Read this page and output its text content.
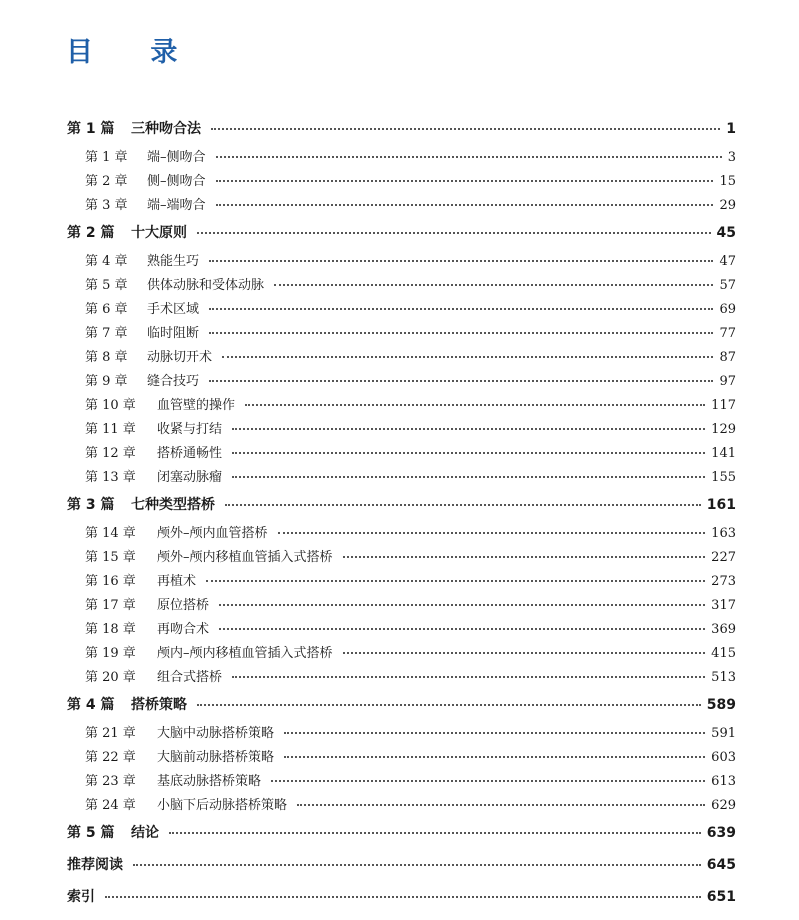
目 录
第 1 篇	三种吻合法	1
第 1 章	端–侧吻合	3
第 2 章	侧–侧吻合	15
第 3 章	端–端吻合	29
第 2 篇	十大原则	45
第 4 章	熟能生巧	47
第 5 章	供体动脉和受体动脉	57
第 6 章	手术区域	69
第 7 章	临时阻断	77
第 8 章	动脉切开术	87
第 9 章	缝合技巧	97
第 10 章	血管壁的操作	117
第 11 章	收紧与打结	129
第 12 章	搭桥通畅性	141
第 13 章	闭塞动脉瘤	155
第 3 篇	七种类型搭桥	161
第 14 章	颅外–颅内血管搭桥	163
第 15 章	颅外–颅内移植血管插入式搭桥	227
第 16 章	再植术	273
第 17 章	原位搭桥	317
第 18 章	再吻合术	369
第 19 章	颅内–颅内移植血管插入式搭桥	415
第 20 章	组合式搭桥	513
第 4 篇	搭桥策略	589
第 21 章	大脑中动脉搭桥策略	591
第 22 章	大脑前动脉搭桥策略	603
第 23 章	基底动脉搭桥策略	613
第 24 章	小脑下后动脉搭桥策略	629
第 5 篇	结论	639
推荐阅读	645
索引	651
